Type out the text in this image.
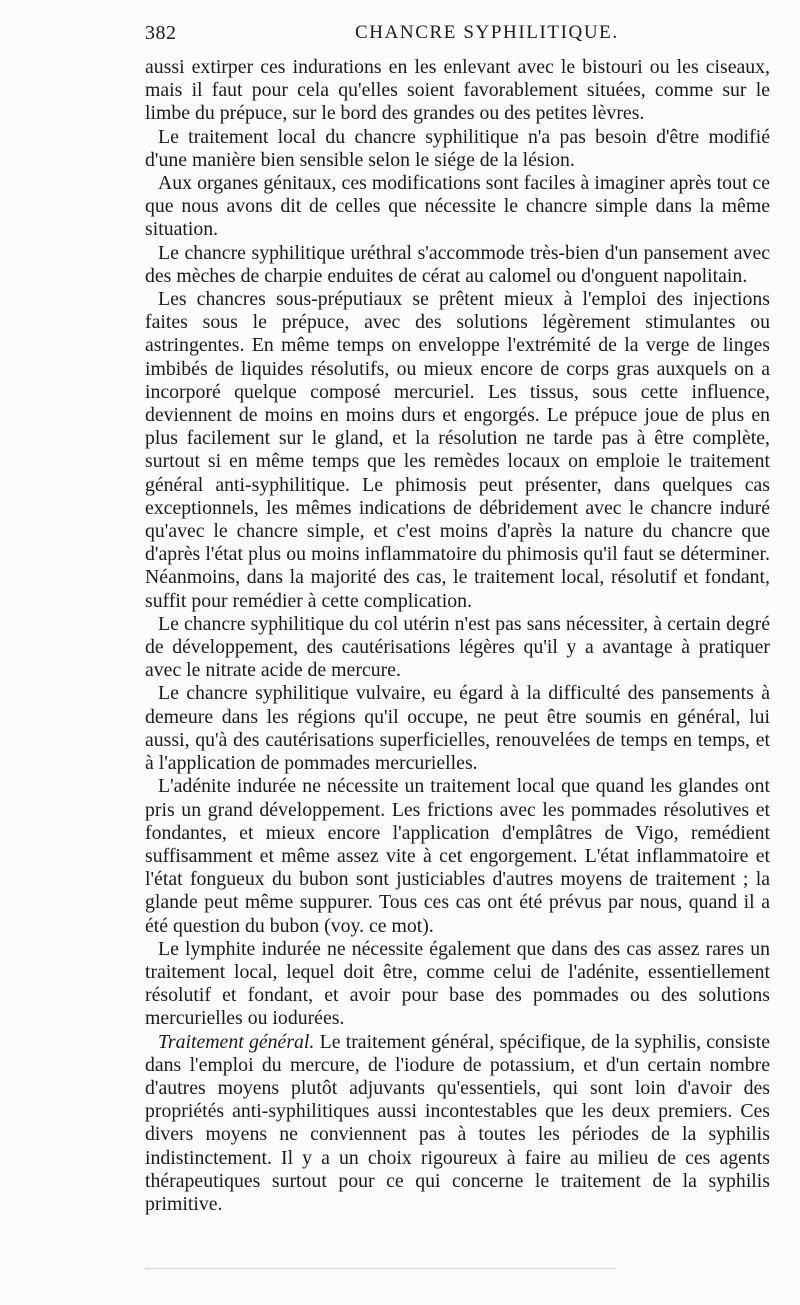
382	CHANCRE SYPHILITIQUE.

aussi extirper ces indurations en les enlevant avec le bistouri ou les ciseaux, mais il faut pour cela qu'elles soient favorablement situées, comme sur le limbe du prépuce, sur le bord des grandes ou des petites lèvres.

Le traitement local du chancre syphilitique n'a pas besoin d'être modifié d'une manière bien sensible selon le siége de la lésion.

Aux organes génitaux, ces modifications sont faciles à imaginer après tout ce que nous avons dit de celles que nécessite le chancre simple dans la même situation.

Le chancre syphilitique uréthral s'accommode très-bien d'un pansement avec des mèches de charpie enduites de cérat au calomel ou d'onguent napolitain.

Les chancres sous-préputiaux se prêtent mieux à l'emploi des injections faites sous le prépuce, avec des solutions légèrement stimulantes ou astringentes. En même temps on enveloppe l'extrémité de la verge de linges imbibés de liquides résolutifs, ou mieux encore de corps gras auxquels on a incorporé quelque composé mercuriel. Les tissus, sous cette influence, deviennent de moins en moins durs et engorgés. Le prépuce joue de plus en plus facilement sur le gland, et la résolution ne tarde pas à être complète, surtout si en même temps que les remèdes locaux on emploie le traitement général anti-syphilitique. Le phimosis peut présenter, dans quelques cas exceptionnels, les mêmes indications de débridement avec le chancre induré qu'avec le chancre simple, et c'est moins d'après la nature du chancre que d'après l'état plus ou moins inflammatoire du phimosis qu'il faut se déterminer. Néanmoins, dans la majorité des cas, le traitement local, résolutif et fondant, suffit pour remédier à cette complication.

Le chancre syphilitique du col utérin n'est pas sans nécessiter, à certain degré de développement, des cautérisations légères qu'il y a avantage à pratiquer avec le nitrate acide de mercure.

Le chancre syphilitique vulvaire, eu égard à la difficulté des pansements à demeure dans les régions qu'il occupe, ne peut être soumis en général, lui aussi, qu'à des cautérisations superficielles, renouvelées de temps en temps, et à l'application de pommades mercurielles.

L'adénite indurée ne nécessite un traitement local que quand les glandes ont pris un grand développement. Les frictions avec les pommades résolutives et fondantes, et mieux encore l'application d'emplâtres de Vigo, remédient suffisamment et même assez vite à cet engorgement. L'état inflammatoire et l'état fongueux du bubon sont justiciables d'autres moyens de traitement ; la glande peut même suppurer. Tous ces cas ont été prévus par nous, quand il a été question du bubon (voy. ce mot).

Le lymphite indurée ne nécessite également que dans des cas assez rares un traitement local, lequel doit être, comme celui de l'adénite, essentiellement résolutif et fondant, et avoir pour base des pommades ou des solutions mercurielles ou iodurées.

Traitement général. Le traitement général, spécifique, de la syphilis, consiste dans l'emploi du mercure, de l'iodure de potassium, et d'un certain nombre d'autres moyens plutôt adjuvants qu'essentiels, qui sont loin d'avoir des propriétés anti-syphilitiques aussi incontestables que les deux premiers. Ces divers moyens ne conviennent pas à toutes les périodes de la syphilis indistinctement. Il y a un choix rigoureux à faire au milieu de ces agents thérapeutiques surtout pour ce qui concerne le traitement de la syphilis primitive.
